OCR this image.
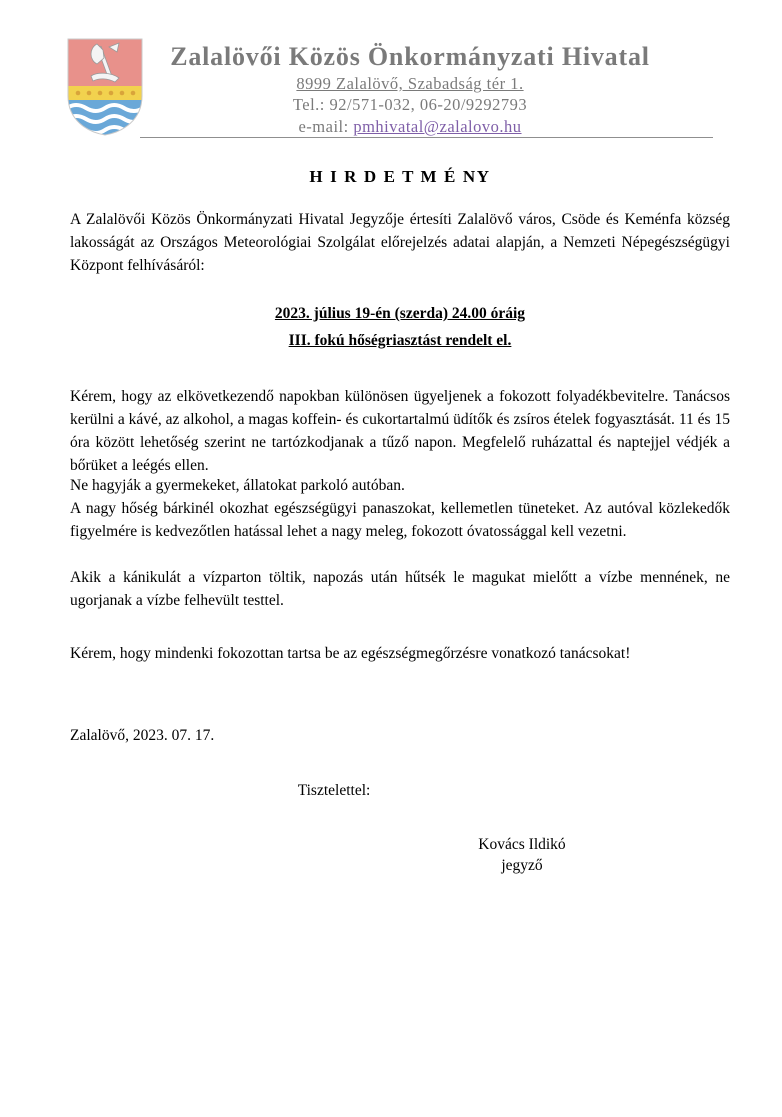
Zalalövői Közös Önkormányzati Hivatal
8999 Zalalövő, Szabadság tér 1.
Tel.: 92/571-032, 06-20/9292793
e-mail: pmhivatal@zalalovo.hu
H I R D E T M É NY

A Zalalövői Közös Önkormányzati Hivatal Jegyzője értesíti Zalalövő város, Csöde és Keménfa község lakosságát az Országos Meteorológiai Szolgálat előrejelzés adatai alapján, a Nemzeti Népegészségügyi Központ felhívásáról:

2023. július 19-én (szerda) 24.00 óráig
III. fokú hőségriasztást rendelt el.

Kérem, hogy az elkövetkezendő napokban különösen ügyeljenek a fokozott folyadékbevitelre. Tanácsos kerülni a kávé, az alkohol, a magas koffein- és cukortartalmú üdítők és zsíros ételek fogyasztását. 11 és 15 óra között lehetőség szerint ne tartózkodjanak a tűző napon. Megfelelő ruházattal és naptejjel védjék a bőrüket a leégés ellen.

Ne hagyják a gyermekeket, állatokat parkoló autóban.

A nagy hőség bárkinél okozhat egészségügyi panaszokat, kellemetlen tüneteket. Az autóval közlekedők figyelmére is kedvezőtlen hatással lehet a nagy meleg, fokozott óvatossággal kell vezetni.

Akik a kánikulát a vízparton töltik, napozás után hűtsék le magukat mielőtt a vízbe mennének, ne ugorjanak a vízbe felhevült testtel.

Kérem, hogy mindenki fokozottan tartsa be az egészségmegőrzésre vonatkozó tanácsokat!

Zalalövő, 2023. 07. 17.

Tisztelettel:
Kovács Ildikó
jegyző
